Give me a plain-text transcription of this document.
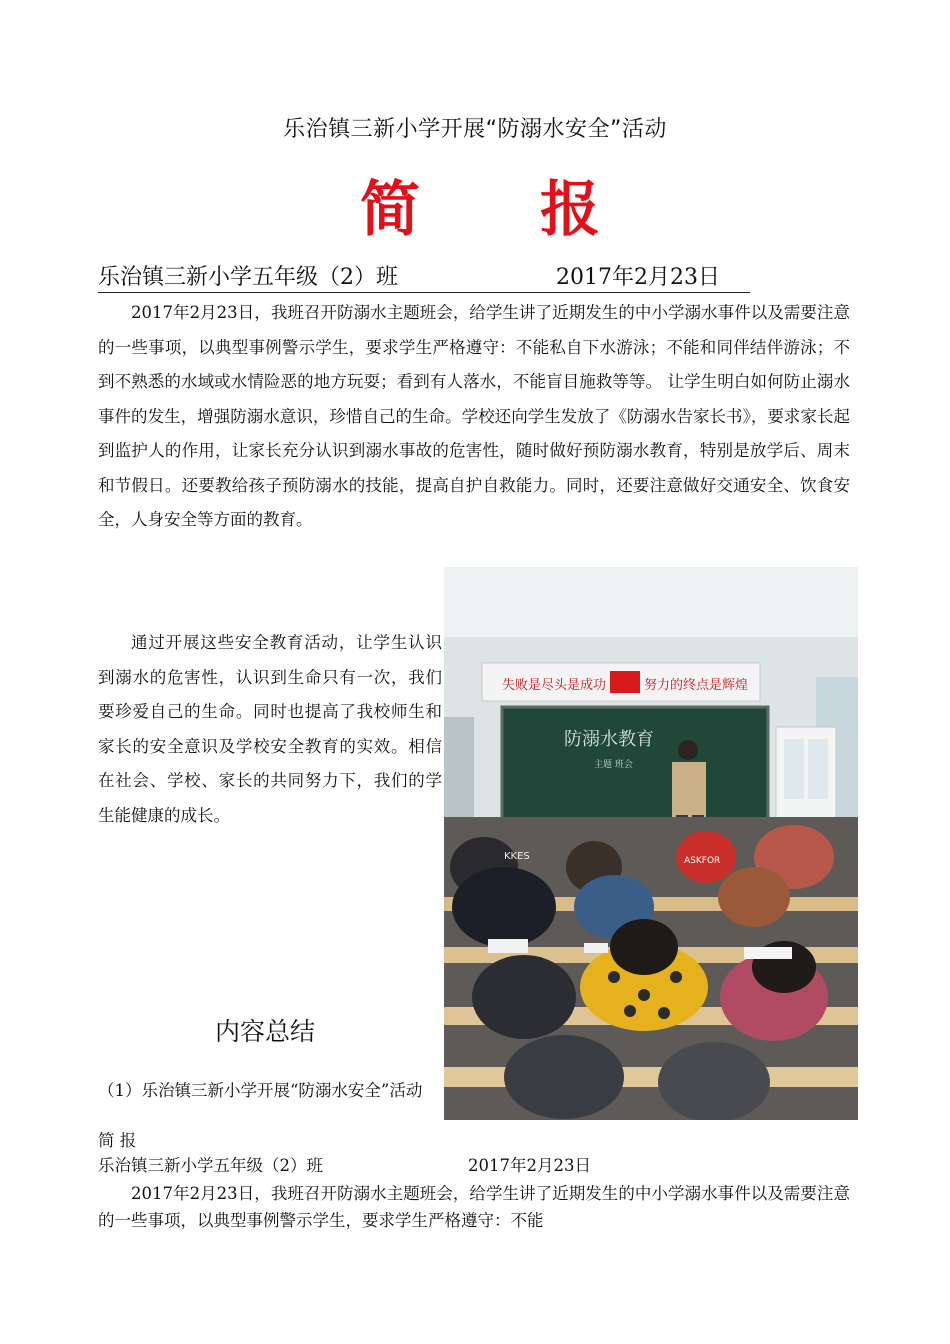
乐治镇三新小学开展“防溺水安全”活动
简 报
乐治镇三新小学五年级（2）班	2017年2月23日
2017年2月23日，我班召开防溺水主题班会，给学生讲了近期发生的中小学溺水事件以及需要注意的一些事项，以典型事例警示学生，要求学生严格遵守：不能私自下水游泳；不能和同伴结伴游泳；不到不熟悉的水域或水情险恶的地方玩耍；看到有人落水，不能盲目施救等等。 让学生明白如何防止溺水事件的发生，增强防溺水意识，珍惜自己的生命。学校还向学生发放了《防溺水告家长书》，要求家长起到监护人的作用，让家长充分认识到溺水事故的危害性，随时做好预防溺水教育，特别是放学后、周末和节假日。还要教给孩子预防溺水的技能，提高自护自救能力。同时，还要注意做好交通安全、饮食安全，人身安全等方面的教育。
通过开展这些安全教育活动，让学生认识到溺水的危害性，认识到生命只有一次，我们要珍爱自己的生命。同时也提高了我校师生和家长的安全意识及学校安全教育的实效。相信在社会、学校、家长的共同努力下，我们的学生能健康的成长。
失败是尽头是成功	努力的终点是辉煌
防溺水教育
主题 班会
KKES	ASKFOR
内容总结
（1）乐治镇三新小学开展“防溺水安全”活动
简 报
乐治镇三新小学五年级（2）班	2017年2月23日
2017年2月23日，我班召开防溺水主题班会，给学生讲了近期发生的中小学溺水事件以及需要注意的一些事项，以典型事例警示学生，要求学生严格遵守：不能
